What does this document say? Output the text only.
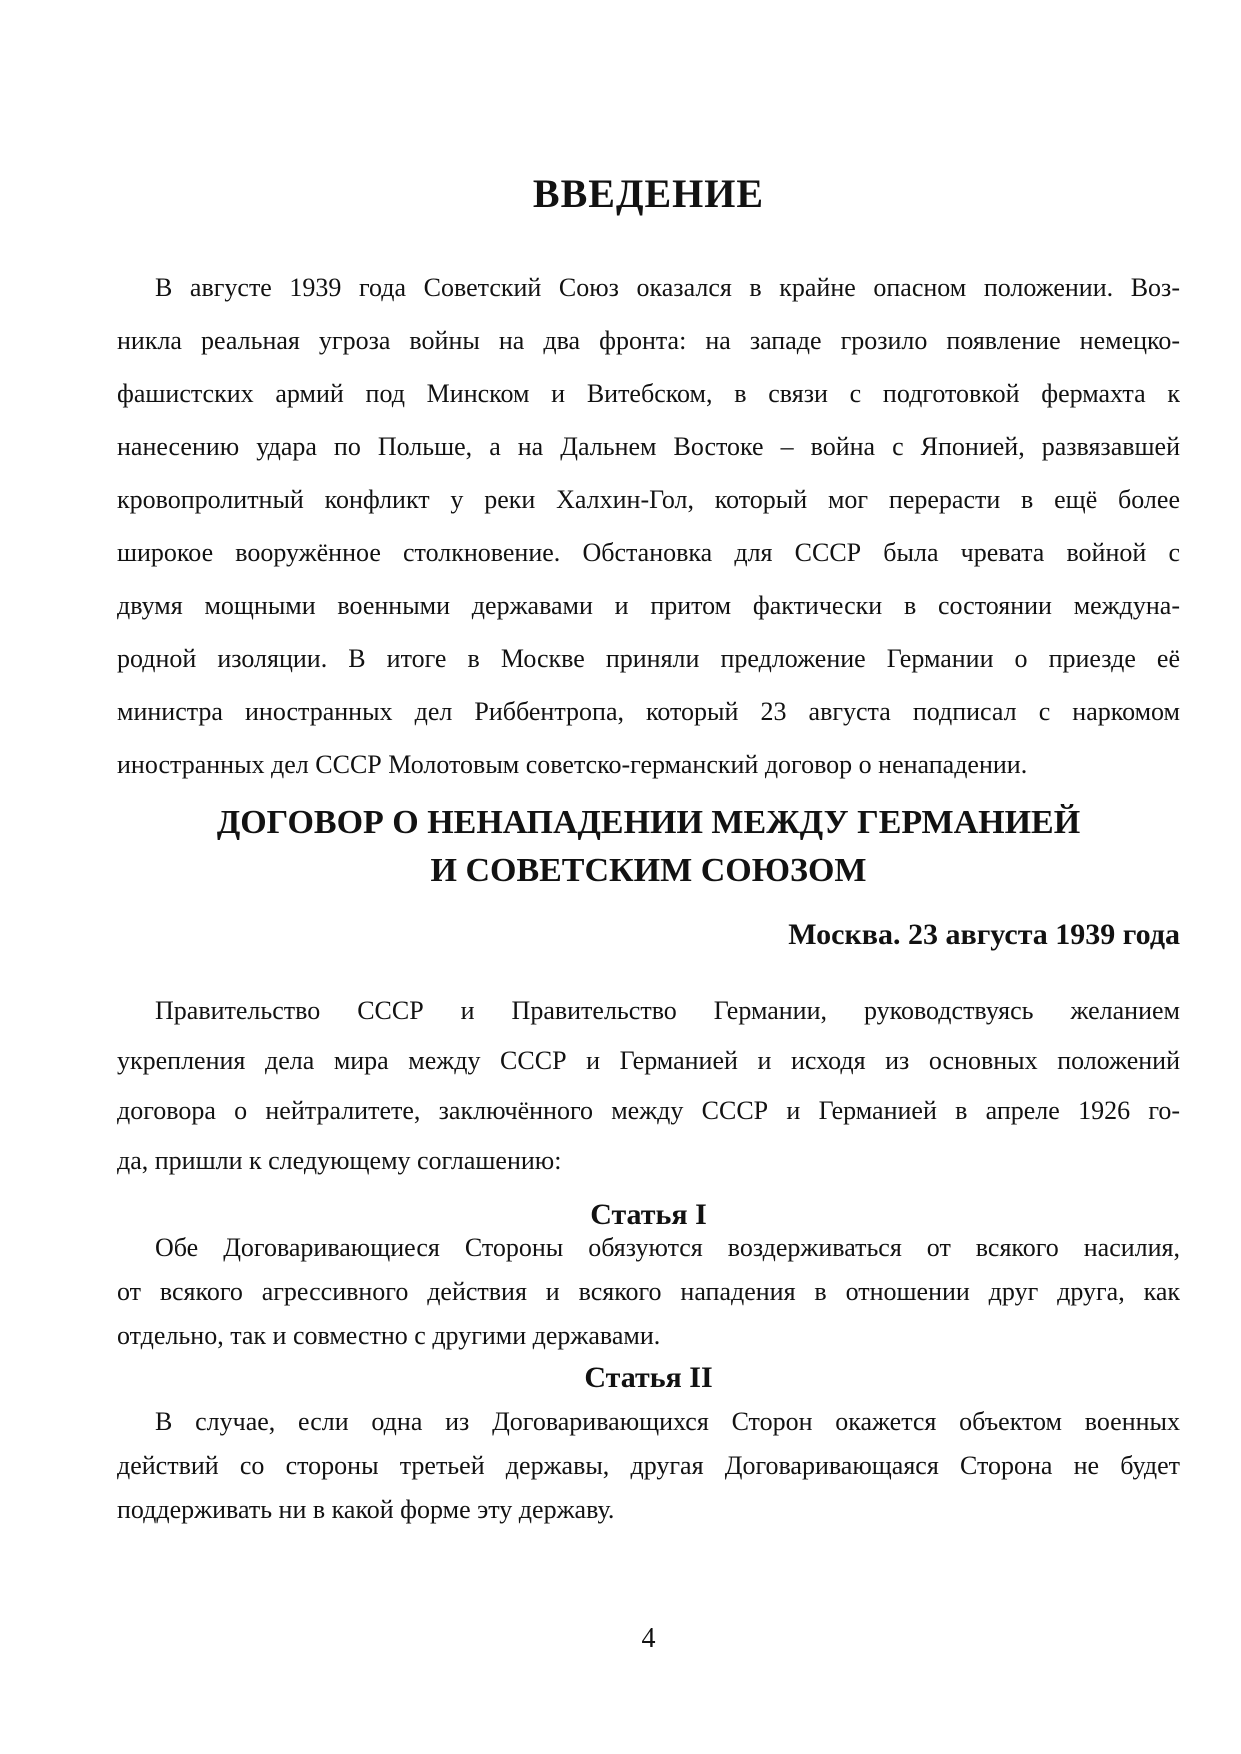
ВВЕДЕНИЕ
В августе 1939 года Советский Союз оказался в крайне опасном положении. Воз-
никла реальная угроза войны на два фронта: на западе грозило появление немецко-
фашистских армий под Минском и Витебском, в связи с подготовкой фермахта к
нанесению удара по Польше, а на Дальнем Востоке – война с Японией, развязавшей
кровопролитный конфликт у реки Халхин-Гол, который мог перерасти в ещё более
широкое вооружённое столкновение. Обстановка для СССР была чревата войной с
двумя мощными военными державами и притом фактически в состоянии междуна-
родной изоляции. В итоге в Москве приняли предложение Германии о приезде её
министра иностранных дел Риббентропа, который 23 августа подписал с наркомом
иностранных дел СССР Молотовым советско-германский договор о ненападении.
ДОГОВОР О НЕНАПАДЕНИИ МЕЖДУ ГЕРМАНИЕЙ
И СОВЕТСКИМ СОЮЗОМ
Москва. 23 августа 1939 года
Правительство СССР и Правительство Германии, руководствуясь желанием
укрепления дела мира между СССР и Германией и исходя из основных положений
договора о нейтралитете, заключённого между СССР и Германией в апреле 1926 го-
да, пришли к следующему соглашению:
Статья I
Обе Договаривающиеся Стороны обязуются воздерживаться от всякого насилия,
от всякого агрессивного действия и всякого нападения в отношении друг друга, как
отдельно, так и совместно с другими державами.
Статья II
В случае, если одна из Договаривающихся Сторон окажется объектом военных
действий со стороны третьей державы, другая Договаривающаяся Сторона не будет
поддерживать ни в какой форме эту державу.
4
